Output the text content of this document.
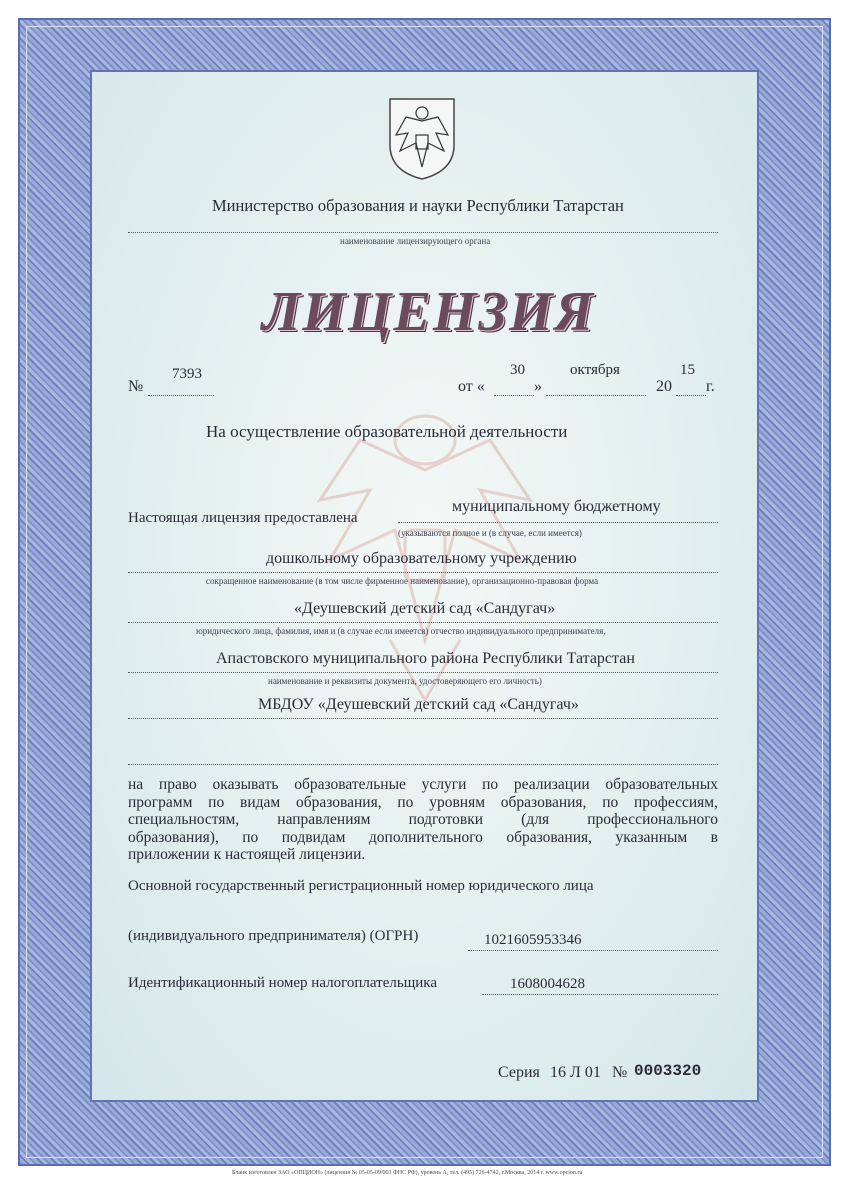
Министерство образования и науки Республики Татарстан
наименование лицензирующего органа
ЛИЦЕНЗИЯ
№
7393
от «
30
»
октября
20
15
г.
На осуществление образовательной деятельности
Настоящая лицензия предоставлена
муниципальному бюджетному
(указываются полное и (в случае, если имеется)
дошкольному образовательному учреждению
сокращенное наименование (в том числе фирменное наименование), организационно-правовая форма
«Деушевский детский сад «Сандугач»
юридического лица, фамилия, имя и (в случае если имеется) отчество индивидуального предпринимателя,
Апастовского муниципального района Республики Татарстан
наименование и реквизиты документа, удостоверяющего его личность)
МБДОУ «Деушевский детский сад «Сандугач»
на право оказывать образовательные услуги по реализации образовательных
программ по видам образования, по уровням образования, по профессиям,
специальностям, направлениям подготовки (для профессионального
образования), по подвидам дополнительного образования, указанным в
приложении к настоящей лицензии.
Основной государственный регистрационный номер юридического лица
(индивидуального предпринимателя) (ОГРН)	1021605953346
Идентификационный номер налогоплательщика	1608004628
Серия 16 Л 01 № 0003320
Бланк изготовлен ЗАО «ОПЦИОН» (лицензия № 05-05-09/003 ФНС РФ), уровень А, тел. (495) 726-4742, г.Москва, 2014 г. www.opcion.ru
